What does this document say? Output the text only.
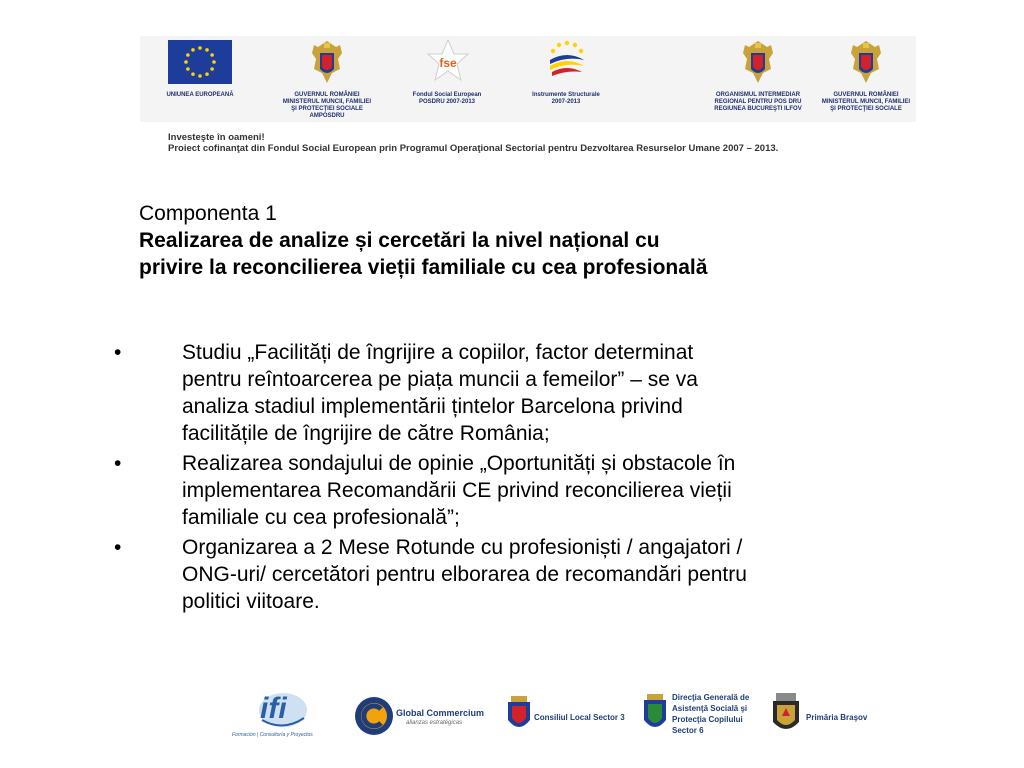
UNIUNEA EUROPEANĂ	GUVERNUL ROMÂNIEI
MINISTERUL MUNCII, FAMILIEI
ŞI PROTECŢIEI SOCIALE
AMPOSDRU
fse
Fondul Social European
POSDRU 2007-2013
Instrumente Structurale
2007-2013
ORGANISMUL INTERMEDIAR
REGIONAL PENTRU POS DRU
REGIUNEA BUCUREŞTI ILFOV
GUVERNUL ROMÂNIEI
MINISTERUL MUNCII, FAMILIEI
ŞI PROTECŢIEI SOCIALE
Investeşte în oameni!
Proiect cofinanţat din Fondul Social European prin Programul Operaţional Sectorial pentru Dezvoltarea Resurselor Umane 2007 – 2013.
Componenta 1
Realizarea de analize și cercetări la nivel național cu
privire la reconcilierea vieții familiale cu cea profesională
•	Studiu „Facilități de îngrijire a copiilor, factor determinat
pentru reîntoarcerea pe piața muncii a femeilor” – se va
analiza stadiul implementării țintelor Barcelona privind
facilitățile de îngrijire de către România;
•	Realizarea sondajului de opinie „Oportunități și obstacole în
implementarea Recomandării CE privind reconcilierea vieții
familiale cu cea profesională”;
•	Organizarea a 2 Mese Rotunde cu profesioniști / angajatori /
ONG-uri/ cercetători pentru elborarea de recomandări pentru
politici viitoare.
ifi
Formación | Consultoría y Proyectos
Global Commercium
alianzas estratégicas
Consiliul Local Sector 3
Direcţia Generală de
Asistenţă Socială şi
Protecţia Copilului
Sector 6
Primăria Braşov
